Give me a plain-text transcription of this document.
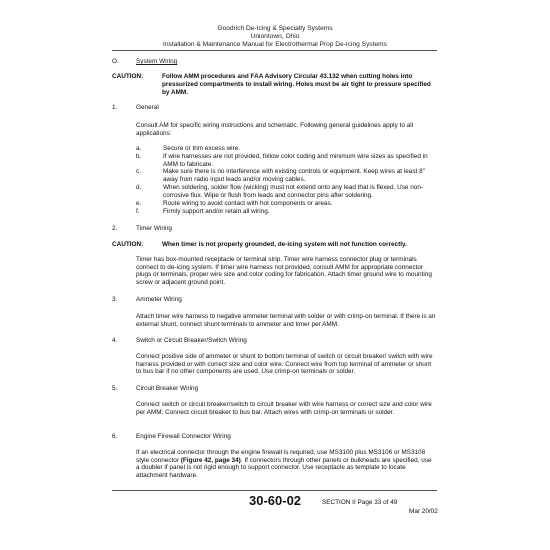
Goodrich De-Icing & Specialty Systems
Uniontown, Ohio
Installation & Maintenance Manual for Electrothermal Prop De-Icing Systems
O.	System Wiring
CAUTION:	Follow AMM procedures and FAA Advisory Circular 43.132 when cutting holes into pressurized compartments to install wiring. Holes must be air tight to pressure specified by AMM.
1.	General
Consult AM for specific wiring instructions and schematic. Following general guidelines apply to all applications:
a.	Secure or trim excess wire.
b.	If wire harnesses are not provided, follow color coding and minimum wire sizes as specified in AMM to fabricate.
c.	Make sure there is no interference with existing controls or equipment. Keep wires at least 8" away from radio input leads and/or moving cables.
d.	When soldering, solder flow (wicking) must not extend onto any lead that is flexed. Use non-corrosive flux. Wipe or flush from leads and connector pins after soldering.
e.	Route wiring to avoid contact with hot components or areas.
f.	Firmly support and/or retain all wiring.
2.	Timer Wiring
CAUTION:	When timer is not properly grounded, de-icing system will not function correctly.
Timer has box-mounted receptacle or terminal strip. Timer wire harness connector plug or terminals connect to de-icing system. If timer wire harness not provided, consult AMM for appropriate connector plugs or terminals, proper wire size and color coding for fabrication. Attach timer ground wire to mounting screw or adjacent ground point.
3.	Ammeter Wiring
Attach timer wire harness to negative ammeter terminal with solder or with crimp-on terminal. If there is an external shunt, connect shunt terminals to ammeter and timer per AMM.
4.	Switch or Circuit Breaker/Switch Wiring
Connect positive side of ammeter or shunt to bottom terminal of switch or circuit breaker/ switch with wire harness provided or with correct size and color wire. Connect wire from top terminal of ammeter or shunt to bus bar if no other components are used. Use crimp-on terminals or solder.
5.	Circuit Breaker Wiring
Connect switch or circuit breaker/switch to circuit breaker with wire harness or correct size and color wire per AMM. Connect circuit breaker to bus bar. Attach wires with crimp-on terminals or solder.
6.	Engine Firewall Connector Wiring
If an electrical connector through the engine firewall is required, use MS3100 plus MS3106 or MS3108 style connector (Figure 42, page 34). If connectors through other panels or bulkheads are specified, use a doubler if panel is not rigid enough to support connector. Use receptacle as template to locate attachment hardware.
30-60-02	SECTION II Page 33 of 49
Mar 20/02
